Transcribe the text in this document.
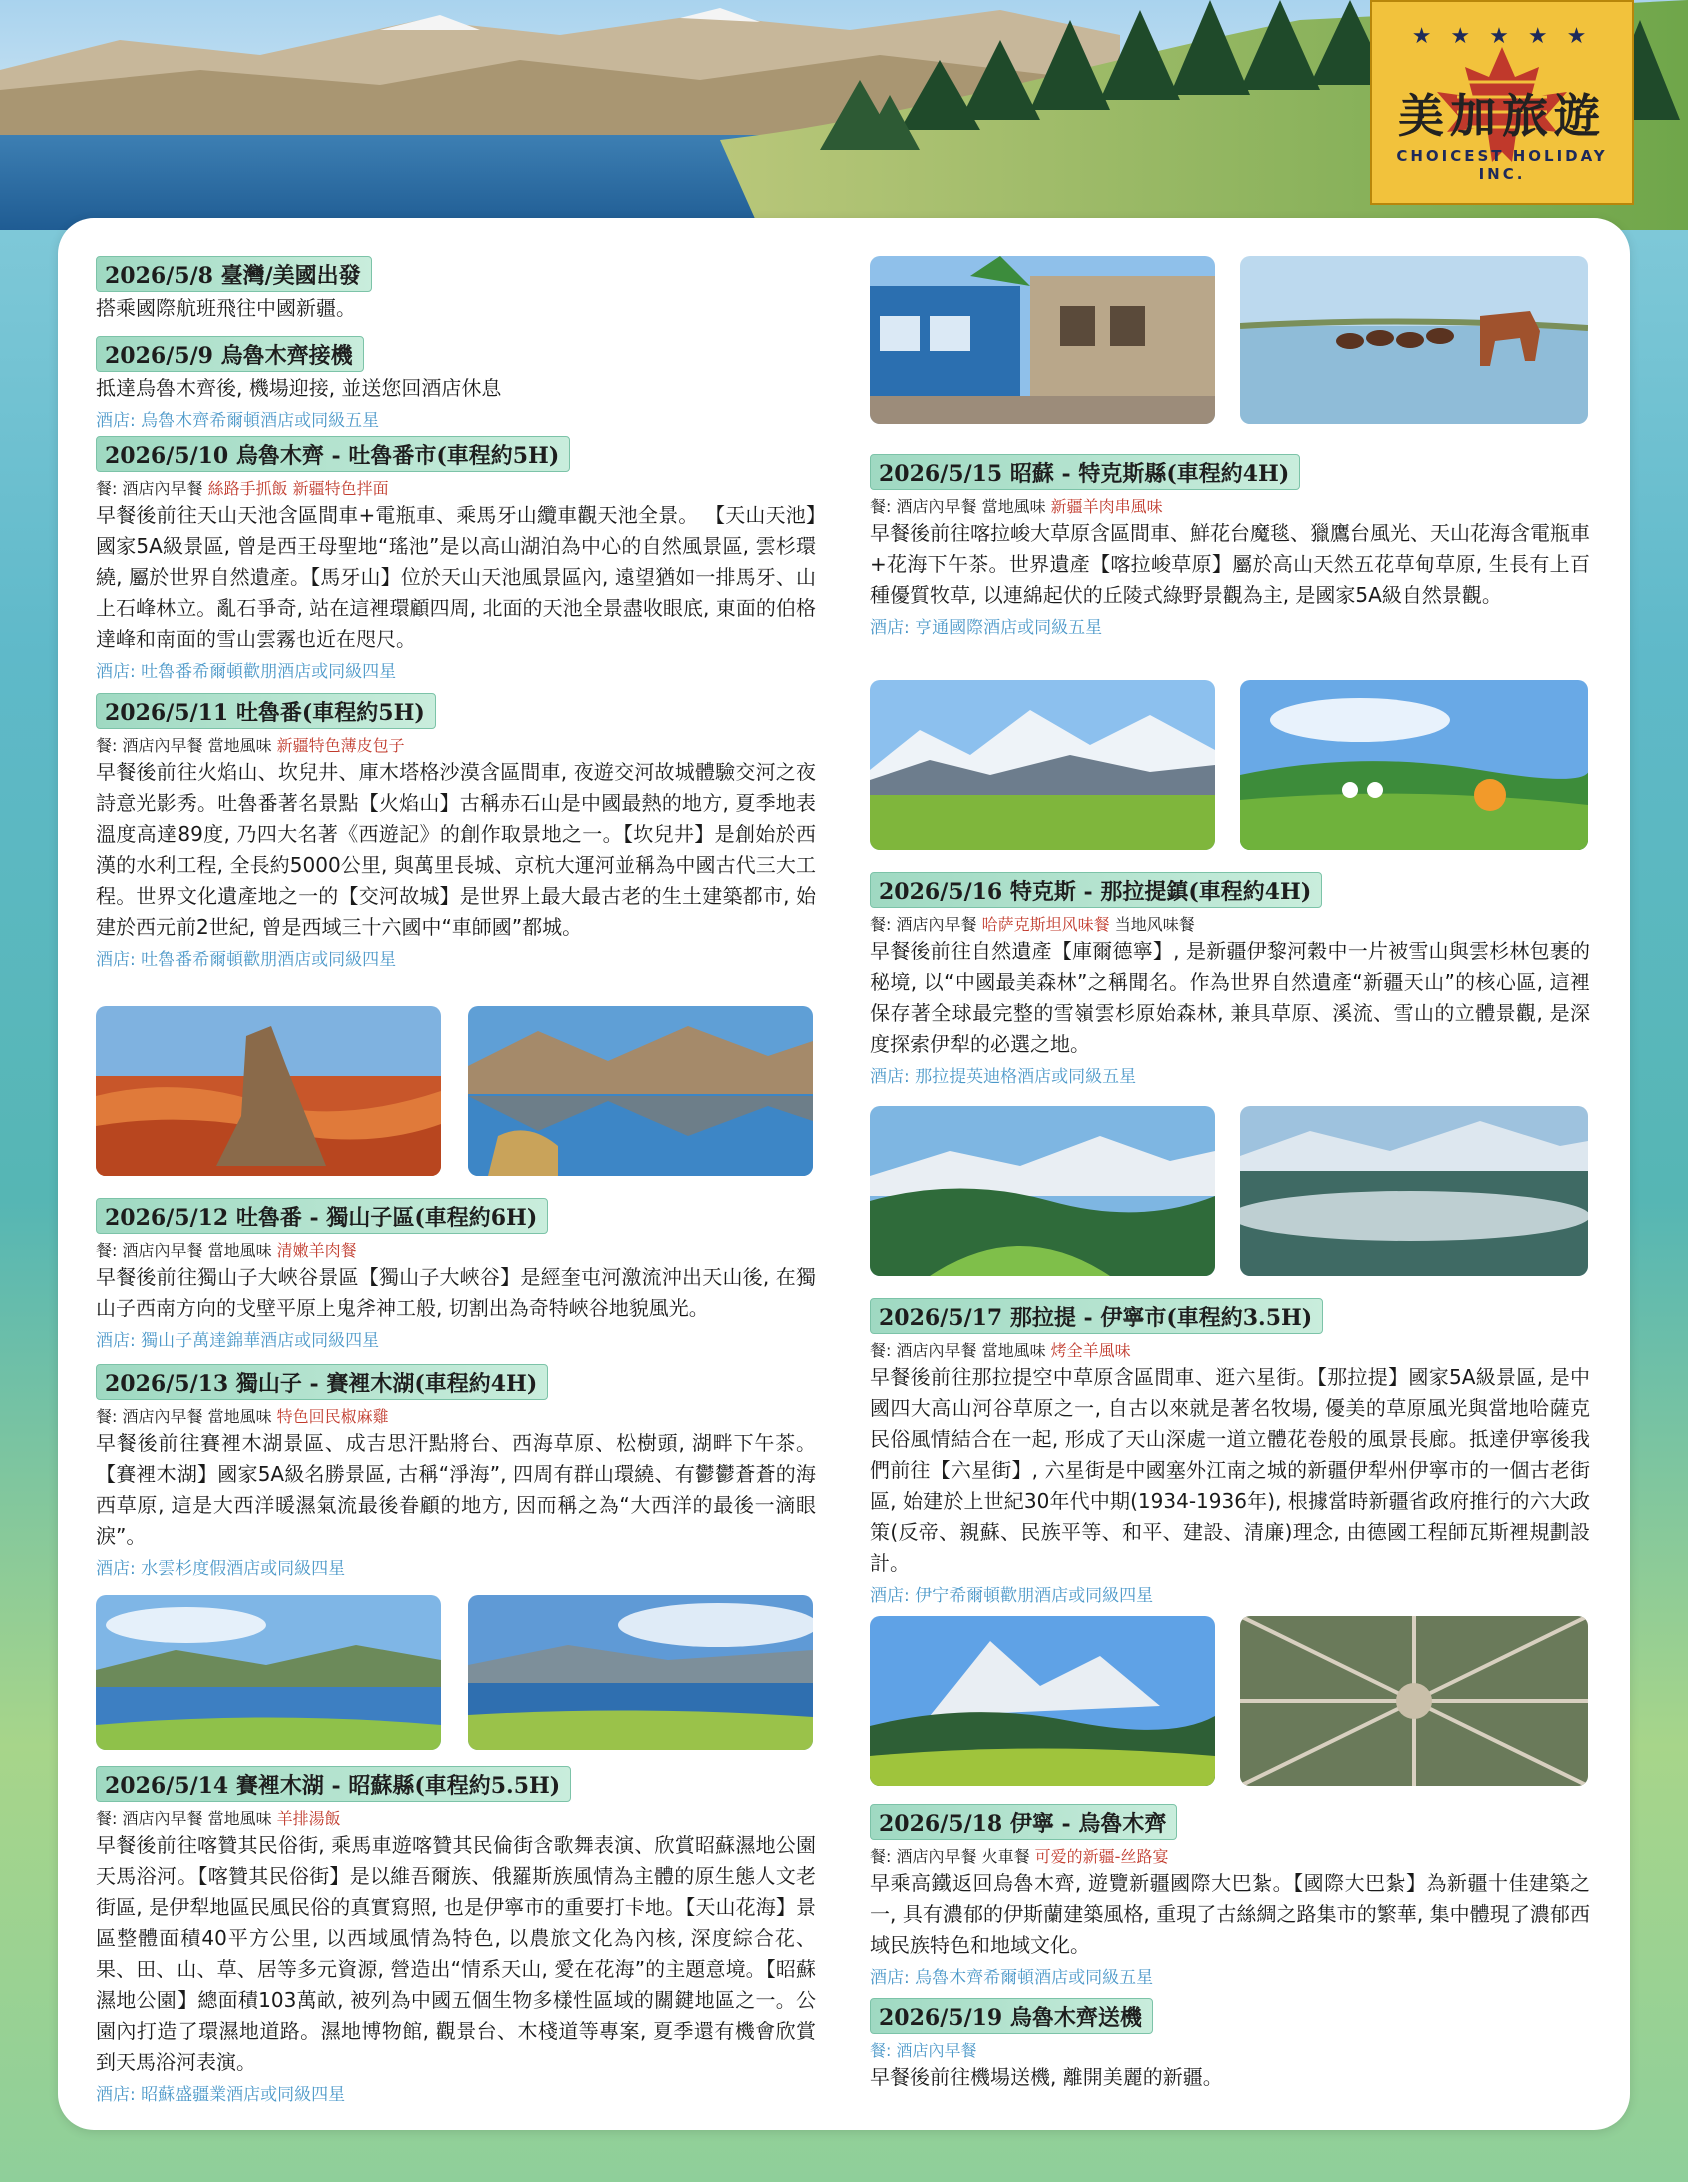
★ ★ ★ ★ ★
美加旅遊
CHOICEST HOLIDAY INC.
2026/5/8 臺灣/美國出發
搭乘國際航班飛往中國新疆。
2026/5/9 烏魯木齊接機
抵達烏魯木齊後, 機場迎接, 並送您回酒店休息
酒店: 烏魯木齊希爾頓酒店或同級五星
2026/5/10 烏魯木齊 - 吐魯番市(車程約5H)
餐: 酒店內早餐 絲路手抓飯 新疆特色拌面
早餐後前往天山天池含區間車+電瓶車、乘馬牙山纜車觀天池全景。 【天山天池】國家5A級景區, 曾是西王母聖地“瑤池”是以高山湖泊為中心的自然風景區, 雲杉環繞, 屬於世界自然遺產。【馬牙山】位於天山天池風景區內, 遠望猶如一排馬牙、山上石峰林立。亂石爭奇, 站在這裡環顧四周, 北面的天池全景盡收眼底, 東面的伯格達峰和南面的雪山雲霧也近在咫尺。
酒店: 吐魯番希爾頓歡朋酒店或同級四星
2026/5/11 吐魯番(車程約5H)
餐: 酒店內早餐 當地風味 新疆特色薄皮包子
早餐後前往火焰山、坎兒井、庫木塔格沙漠含區間車, 夜遊交河故城體驗交河之夜詩意光影秀。吐魯番著名景點【火焰山】古稱赤石山是中國最熱的地方, 夏季地表溫度高達89度, 乃四大名著《西遊記》的創作取景地之一。【坎兒井】是創始於西漢的水利工程, 全長約5000公里, 與萬里長城、京杭大運河並稱為中國古代三大工程。世界文化遺產地之一的【交河故城】是世界上最大最古老的生土建築都市, 始建於西元前2世紀, 曾是西域三十六國中“車師國”都城。
酒店: 吐魯番希爾頓歡朋酒店或同級四星
2026/5/12 吐魯番 - 獨山子區(車程約6H)
餐: 酒店內早餐 當地風味 清嫩羊肉餐
早餐後前往獨山子大峽谷景區【獨山子大峽谷】是經奎屯河激流沖出天山後, 在獨山子西南方向的戈壁平原上鬼斧神工般, 切割出為奇特峽谷地貌風光。
酒店: 獨山子萬達錦華酒店或同級四星
2026/5/13 獨山子 - 賽裡木湖(車程約4H)
餐: 酒店內早餐 當地風味 特色回民椒麻雞
早餐後前往賽裡木湖景區、成吉思汗點將台、西海草原、松樹頭, 湖畔下午茶。【賽裡木湖】國家5A級名勝景區, 古稱“淨海”, 四周有群山環繞、有鬱鬱蒼蒼的海西草原, 這是大西洋暖濕氣流最後眷顧的地方, 因而稱之為“大西洋的最後一滴眼淚”。
酒店: 水雲杉度假酒店或同級四星
2026/5/14 賽裡木湖 - 昭蘇縣(車程約5.5H)
餐: 酒店內早餐 當地風味 羊排湯飯
早餐後前往喀贊其民俗街, 乘馬車遊喀贊其民倫街含歌舞表演、欣賞昭蘇濕地公園天馬浴河。【喀贊其民俗街】是以維吾爾族、俄羅斯族風情為主體的原生態人文老街區, 是伊犁地區民風民俗的真實寫照, 也是伊寧市的重要打卡地。【天山花海】景區整體面積40平方公里, 以西域風情為特色, 以農旅文化為內核, 深度綜合花、果、田、山、草、居等多元資源, 營造出“情系天山, 愛在花海”的主題意境。【昭蘇濕地公園】總面積103萬畝, 被列為中國五個生物多樣性區域的關鍵地區之一。公園內打造了環濕地道路。濕地博物館, 觀景台、木棧道等專案, 夏季還有機會欣賞到天馬浴河表演。
酒店: 昭蘇盛疆業酒店或同級四星
2026/5/15 昭蘇 - 特克斯縣(車程約4H)
餐: 酒店內早餐 當地風味 新疆羊肉串風味
早餐後前往喀拉峻大草原含區間車、鮮花台魔毯、獵鷹台風光、天山花海含電瓶車+花海下午茶。世界遺產【喀拉峻草原】屬於高山天然五花草甸草原, 生長有上百種優質牧草, 以連綿起伏的丘陵式綠野景觀為主, 是國家5A級自然景觀。
酒店: 亨通國際酒店或同級五星
2026/5/16 特克斯 - 那拉提鎮(車程約4H)
餐: 酒店內早餐 哈萨克斯坦风味餐 当地风味餐
早餐後前往自然遺產【庫爾德寧】, 是新疆伊黎河穀中一片被雪山與雲杉林包裹的秘境, 以“中國最美森林”之稱聞名。作為世界自然遺產“新疆天山”的核心區, 這裡保存著全球最完整的雪嶺雲杉原始森林, 兼具草原、溪流、雪山的立體景觀, 是深度探索伊犁的必選之地。
酒店: 那拉提英迪格酒店或同級五星
2026/5/17 那拉提 - 伊寧市(車程約3.5H)
餐: 酒店內早餐 當地風味 烤全羊風味
早餐後前往那拉提空中草原含區間車、逛六星街。【那拉提】國家5A級景區, 是中國四大高山河谷草原之一, 自古以來就是著名牧場, 優美的草原風光與當地哈薩克民俗風情結合在一起, 形成了天山深處一道立體花卷般的風景長廊。抵達伊寧後我們前往【六星街】, 六星街是中國塞外江南之城的新疆伊犁州伊寧市的一個古老街區, 始建於上世紀30年代中期(1934-1936年), 根據當時新疆省政府推行的六大政策(反帝、親蘇、民族平等、和平、建設、清廉)理念, 由德國工程師瓦斯裡規劃設計。
酒店: 伊宁希爾頓歡朋酒店或同級四星
2026/5/18 伊寧 - 烏魯木齊
餐: 酒店內早餐 火車餐 可爱的新疆-丝路宴
早乘高鐵返回烏魯木齊, 遊覽新疆國際大巴紮。【國際大巴紮】為新疆十佳建築之一, 具有濃郁的伊斯蘭建築風格, 重現了古絲綢之路集市的繁華, 集中體現了濃郁西域民族特色和地域文化。
酒店: 烏魯木齊希爾頓酒店或同級五星
2026/5/19 烏魯木齊送機
餐: 酒店內早餐
早餐後前往機場送機, 離開美麗的新疆。
